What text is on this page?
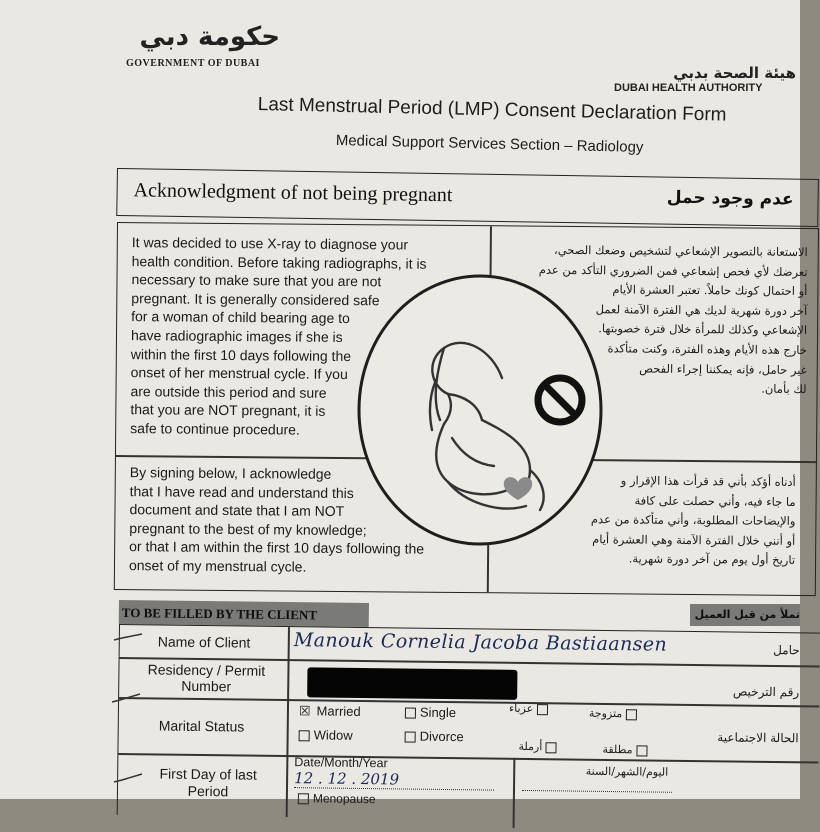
حكومة دبي
GOVERNMENT OF DUBAI
هيئة الصحة بدبي
DUBAI HEALTH AUTHORITY
Last Menstrual Period (LMP) Consent Declaration Form
Medical Support Services Section – Radiology
Acknowledgment of not being pregnant	عدم وجود حمل
It was decided to use X-ray to diagnose your
health condition. Before taking radiographs, it is
necessary to make sure that you are not
pregnant. It is generally considered safe
for a woman of child bearing age to
have radiographic images if she is
within the first 10 days following the
onset of her menstrual cycle. If you
are outside this period and sure
that you are NOT pregnant, it is
safe to continue procedure.
الاستعانة بالتصوير الإشعاعي لتشخيص وضعك الصحي،
تعرضك لأي فحص إشعاعي فمن الضروري التأكد من عدم
أو احتمال كونك حاملاً. تعتبر العشرة الأيام
آخر دورة شهرية لديك هي الفترة الآمنة لعمل
الإشعاعي وكذلك للمرأة خلال فترة خصوبتها.
خارج هذه الأيام وهذه الفترة، وكنت متأكدة
غير حامل، فإنه يمكننا إجراء الفحص
لك بأمان.
By signing below, I acknowledge
that I have read and understand this
document and state that I am NOT
pregnant to the best of my knowledge;
or that I am within the first 10 days following the
onset of my menstrual cycle.
أدناه أؤكد بأني قد قرأت هذا الإقرار و
ما جاء فيه، وأني حصلت على كافة
والإيضاحات المطلوبة، وأني متأكدة من عدم
أو أنني خلال الفترة الآمنة وهي العشرة أيام
تاريخ أول يوم من آخر دورة شهرية.
TO BE FILLED BY THE CLIENT	تملأ من قبل العميل
Name of Client Manouk Cornelia Jacoba Bastiaansen	حامل
Residency / Permit
Number	رقم الترخيص
Marital Status
☒ Married	Single
Widow	Divorce
عزباء	متزوجة
أرملة	مطلقة
الحالة الاجتماعية
First Day of last
Period
Date/Month/Year
12 . 12 . 2019	اليوم/الشهر/السنة
Menopause
